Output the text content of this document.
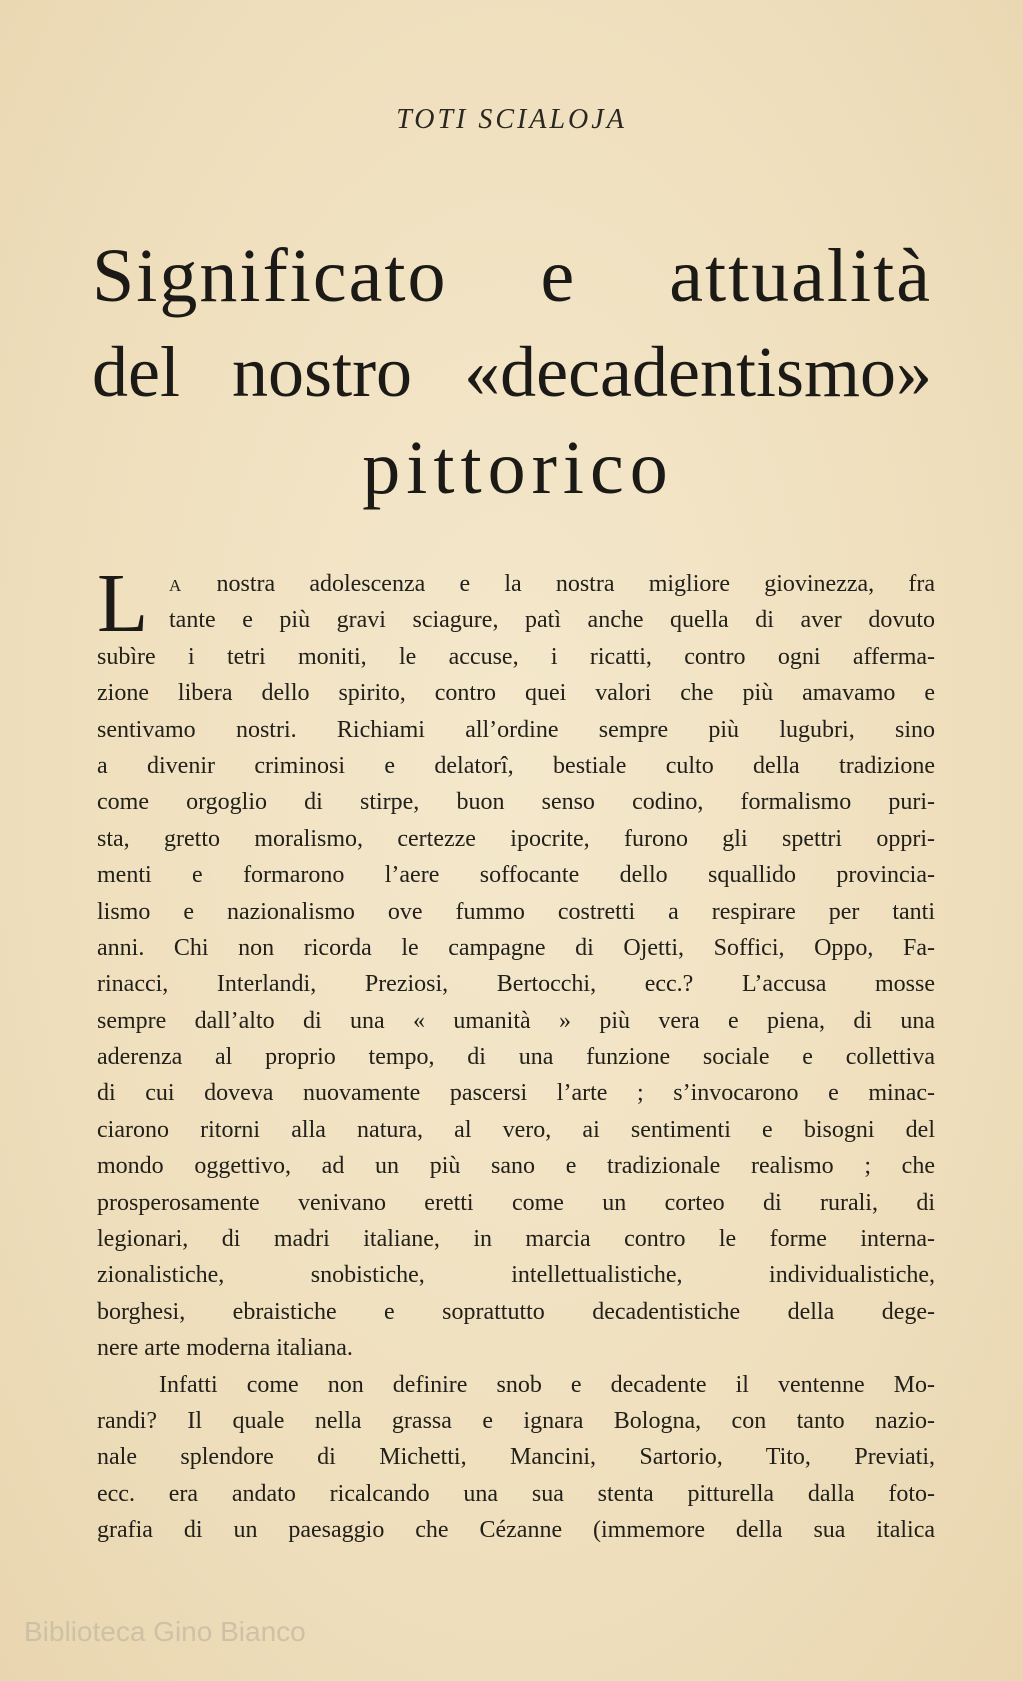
TOTI SCIALOJA
Significato e attualità
del nostro «decadentismo»
pittorico
L	A nostra adolescenza e la nostra migliore giovinezza, fra
tante e più gravi sciagure, patì anche quella di aver dovuto
subìre i tetri moniti, le accuse, i ricatti, contro ogni afferma-
zione libera dello spirito, contro quei valori che più amavamo e
sentivamo nostri. Richiami all’ordine sempre più lugubri, sino
a divenir criminosi e delatorî, bestiale culto della tradizione
come orgoglio di stirpe, buon senso codino, formalismo puri-
sta, gretto moralismo, certezze ipocrite, furono gli spettri oppri-
menti e formarono l’aere soffocante dello squallido provincia-
lismo e nazionalismo ove fummo costretti a respirare per tanti
anni. Chi non ricorda le campagne di Ojetti, Soffici, Oppo, Fa-
rinacci, Interlandi, Preziosi, Bertocchi, ecc.? L’accusa mosse
sempre dall’alto di una « umanità » più vera e piena, di una
aderenza al proprio tempo, di una funzione sociale e collettiva
di cui doveva nuovamente pascersi l’arte ; s’invocarono e minac-
ciarono ritorni alla natura, al vero, ai sentimenti e bisogni del
mondo oggettivo, ad un più sano e tradizionale realismo ; che
prosperosamente venivano eretti come un corteo di rurali, di
legionari, di madri italiane, in marcia contro le forme interna-
zionalistiche, snobistiche, intellettualistiche, individualistiche,
borghesi, ebraistiche e soprattutto decadentistiche della dege-
nere arte moderna italiana.
Infatti come non definire snob e decadente il ventenne Mo-
randi? Il quale nella grassa e ignara Bologna, con tanto nazio-
nale splendore di Michetti, Mancini, Sartorio, Tito, Previati,
ecc. era andato ricalcando una sua stenta pitturella dalla foto-
grafia di un paesaggio che Cézanne (immemore della sua italica
Biblioteca Gino Bianco
